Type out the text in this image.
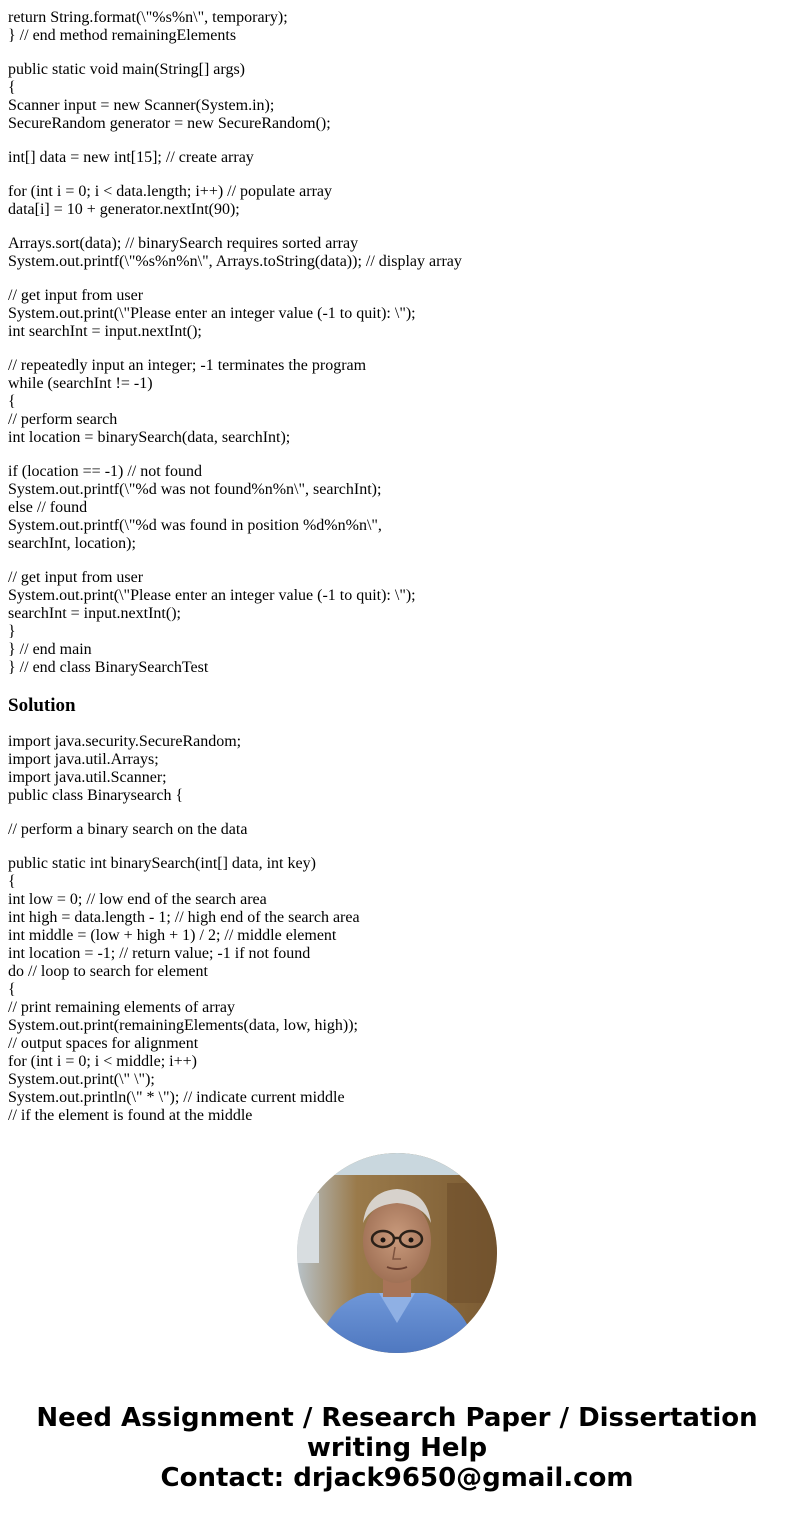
return String.format(\"%s%n\", temporary);
} // end method remainingElements
public static void main(String[] args)
{
Scanner input = new Scanner(System.in);
SecureRandom generator = new SecureRandom();
int[] data = new int[15]; // create array
for (int i = 0; i < data.length; i++) // populate array
data[i] = 10 + generator.nextInt(90);
Arrays.sort(data); // binarySearch requires sorted array
System.out.printf(\"%s%n%n\", Arrays.toString(data)); // display array
// get input from user
System.out.print(\"Please enter an integer value (-1 to quit): \");
int searchInt = input.nextInt();
// repeatedly input an integer; -1 terminates the program
while (searchInt != -1)
{
// perform search
int location = binarySearch(data, searchInt);
if (location == -1) // not found
System.out.printf(\"%d was not found%n%n\", searchInt);
else // found
System.out.printf(\"%d was found in position %d%n%n\",
searchInt, location);
// get input from user
System.out.print(\"Please enter an integer value (-1 to quit): \");
searchInt = input.nextInt();
}
} // end main
} // end class BinarySearchTest
Solution
import java.security.SecureRandom;
import java.util.Arrays;
import java.util.Scanner;
public class Binarysearch {
// perform a binary search on the data
public static int binarySearch(int[] data, int key)
{
int low = 0; // low end of the search area
int high = data.length - 1; // high end of the search area
int middle = (low + high + 1) / 2; // middle element
int location = -1; // return value; -1 if not found
do // loop to search for element
{
// print remaining elements of array
System.out.print(remainingElements(data, low, high));
// output spaces for alignment
for (int i = 0; i < middle; i++)
System.out.print(\" \");
System.out.println(\" * \"); // indicate current middle
// if the element is found at the middle
Need Assignment / Research Paper / Dissertation
writing Help
Contact: drjack9650@gmail.com
